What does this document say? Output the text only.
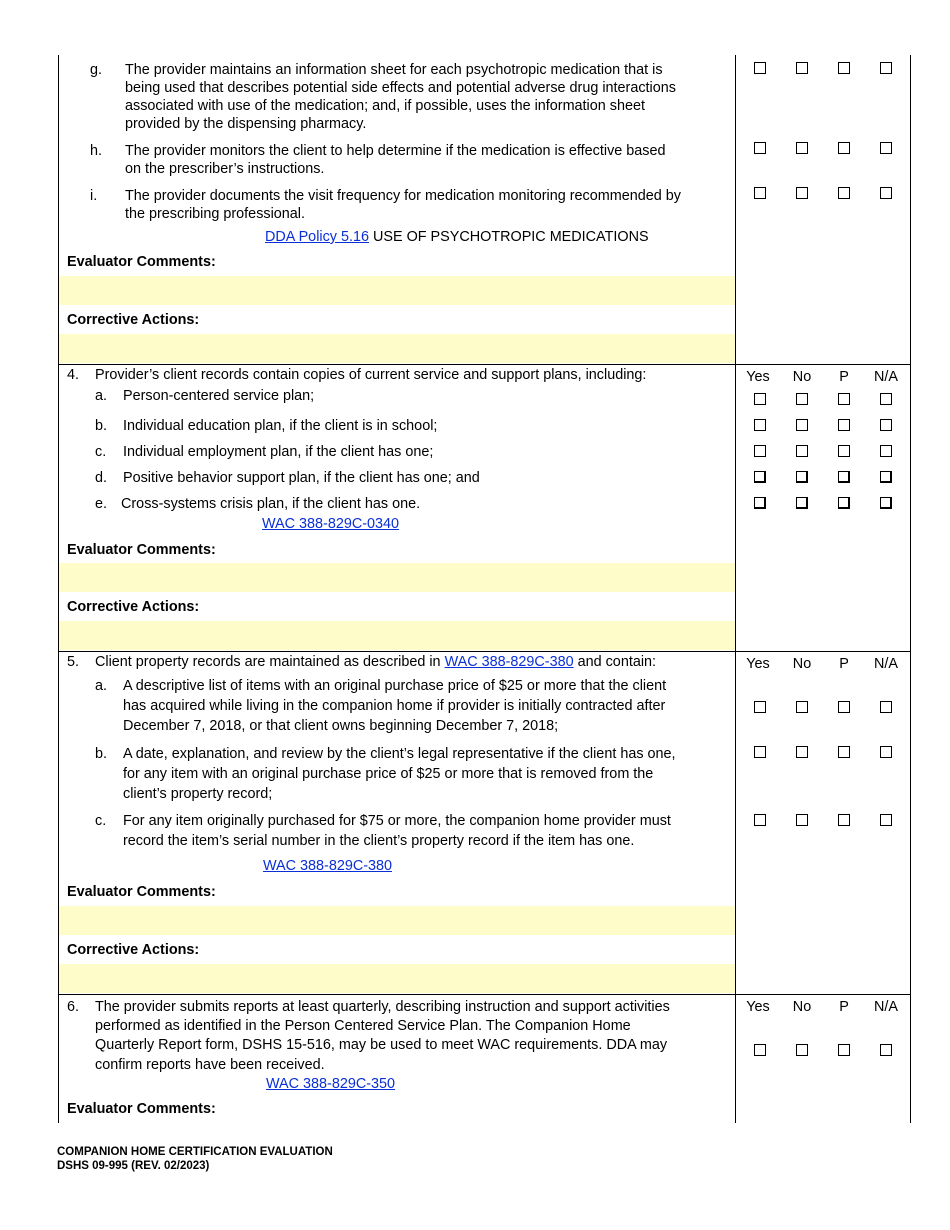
g. The provider maintains an information sheet for each psychotropic medication that is
being used that describes potential side effects and potential adverse drug interactions
associated with use of the medication; and, if possible, uses the information sheet
provided by the dispensing pharmacy.
h. The provider monitors the client to help determine if the medication is effective based
on the prescriber’s instructions.
i. The provider documents the visit frequency for medication monitoring recommended by
the prescribing professional.
DDA Policy 5.16 USE OF PSYCHOTROPIC MEDICATIONS
Evaluator Comments:
Corrective Actions:
4. Provider’s client records contain copies of current service and support plans, including:	Yes	No	P	N/A
a. Person-centered service plan;
b. Individual education plan, if the client is in school;
c. Individual employment plan, if the client has one;
d. Positive behavior support plan, if the client has one; and
e. Cross-systems crisis plan, if the client has one.
WAC 388-829C-0340
Evaluator Comments:
Corrective Actions:
5. Client property records are maintained as described in WAC 388-829C-380 and contain:	Yes	No	P	N/A
a. A descriptive list of items with an original purchase price of $25 or more that the client
has acquired while living in the companion home if provider is initially contracted after
December 7, 2018, or that client owns beginning December 7, 2018;
b. A date, explanation, and review by the client’s legal representative if the client has one,
for any item with an original purchase price of $25 or more that is removed from the
client’s property record;
c. For any item originally purchased for $75 or more, the companion home provider must
record the item’s serial number in the client’s property record if the item has one.
WAC 388-829C-380
Evaluator Comments:
Corrective Actions:
6. The provider submits reports at least quarterly, describing instruction and support activities
performed as identified in the Person Centered Service Plan. The Companion Home
Quarterly Report form, DSHS 15-516, may be used to meet WAC requirements. DDA may
confirm reports have been received.
Yes	No	P	N/A
WAC 388-829C-350
Evaluator Comments:
COMPANION HOME CERTIFICATION EVALUATION
DSHS 09-995 (REV. 02/2023)
